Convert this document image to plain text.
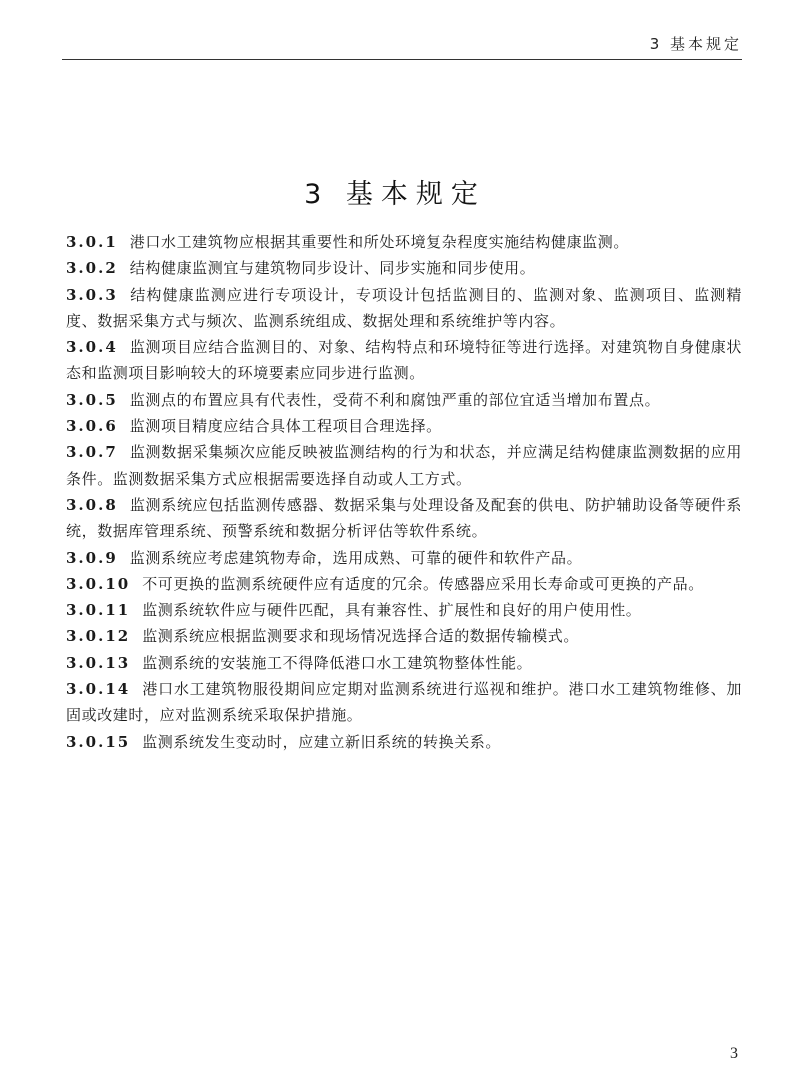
3 基本规定
3 基本规定

3.0.1 港口水工建筑物应根据其重要性和所处环境复杂程度实施结构健康监测。

3.0.2 结构健康监测宜与建筑物同步设计、同步实施和同步使用。

3.0.3 结构健康监测应进行专项设计，专项设计包括监测目的、监测对象、监测项目、监测精度、数据采集方式与频次、监测系统组成、数据处理和系统维护等内容。

3.0.4 监测项目应结合监测目的、对象、结构特点和环境特征等进行选择。对建筑物自身健康状态和监测项目影响较大的环境要素应同步进行监测。

3.0.5 监测点的布置应具有代表性，受荷不利和腐蚀严重的部位宜适当增加布置点。

3.0.6 监测项目精度应结合具体工程项目合理选择。

3.0.7 监测数据采集频次应能反映被监测结构的行为和状态，并应满足结构健康监测数据的应用条件。监测数据采集方式应根据需要选择自动或人工方式。

3.0.8 监测系统应包括监测传感器、数据采集与处理设备及配套的供电、防护辅助设备等硬件系统，数据库管理系统、预警系统和数据分析评估等软件系统。

3.0.9 监测系统应考虑建筑物寿命，选用成熟、可靠的硬件和软件产品。

3.0.10 不可更换的监测系统硬件应有适度的冗余。传感器应采用长寿命或可更换的产品。

3.0.11 监测系统软件应与硬件匹配，具有兼容性、扩展性和良好的用户使用性。

3.0.12 监测系统应根据监测要求和现场情况选择合适的数据传输模式。

3.0.13 监测系统的安装施工不得降低港口水工建筑物整体性能。

3.0.14 港口水工建筑物服役期间应定期对监测系统进行巡视和维护。港口水工建筑物维修、加固或改建时，应对监测系统采取保护措施。

3.0.15 监测系统发生变动时，应建立新旧系统的转换关系。

3
